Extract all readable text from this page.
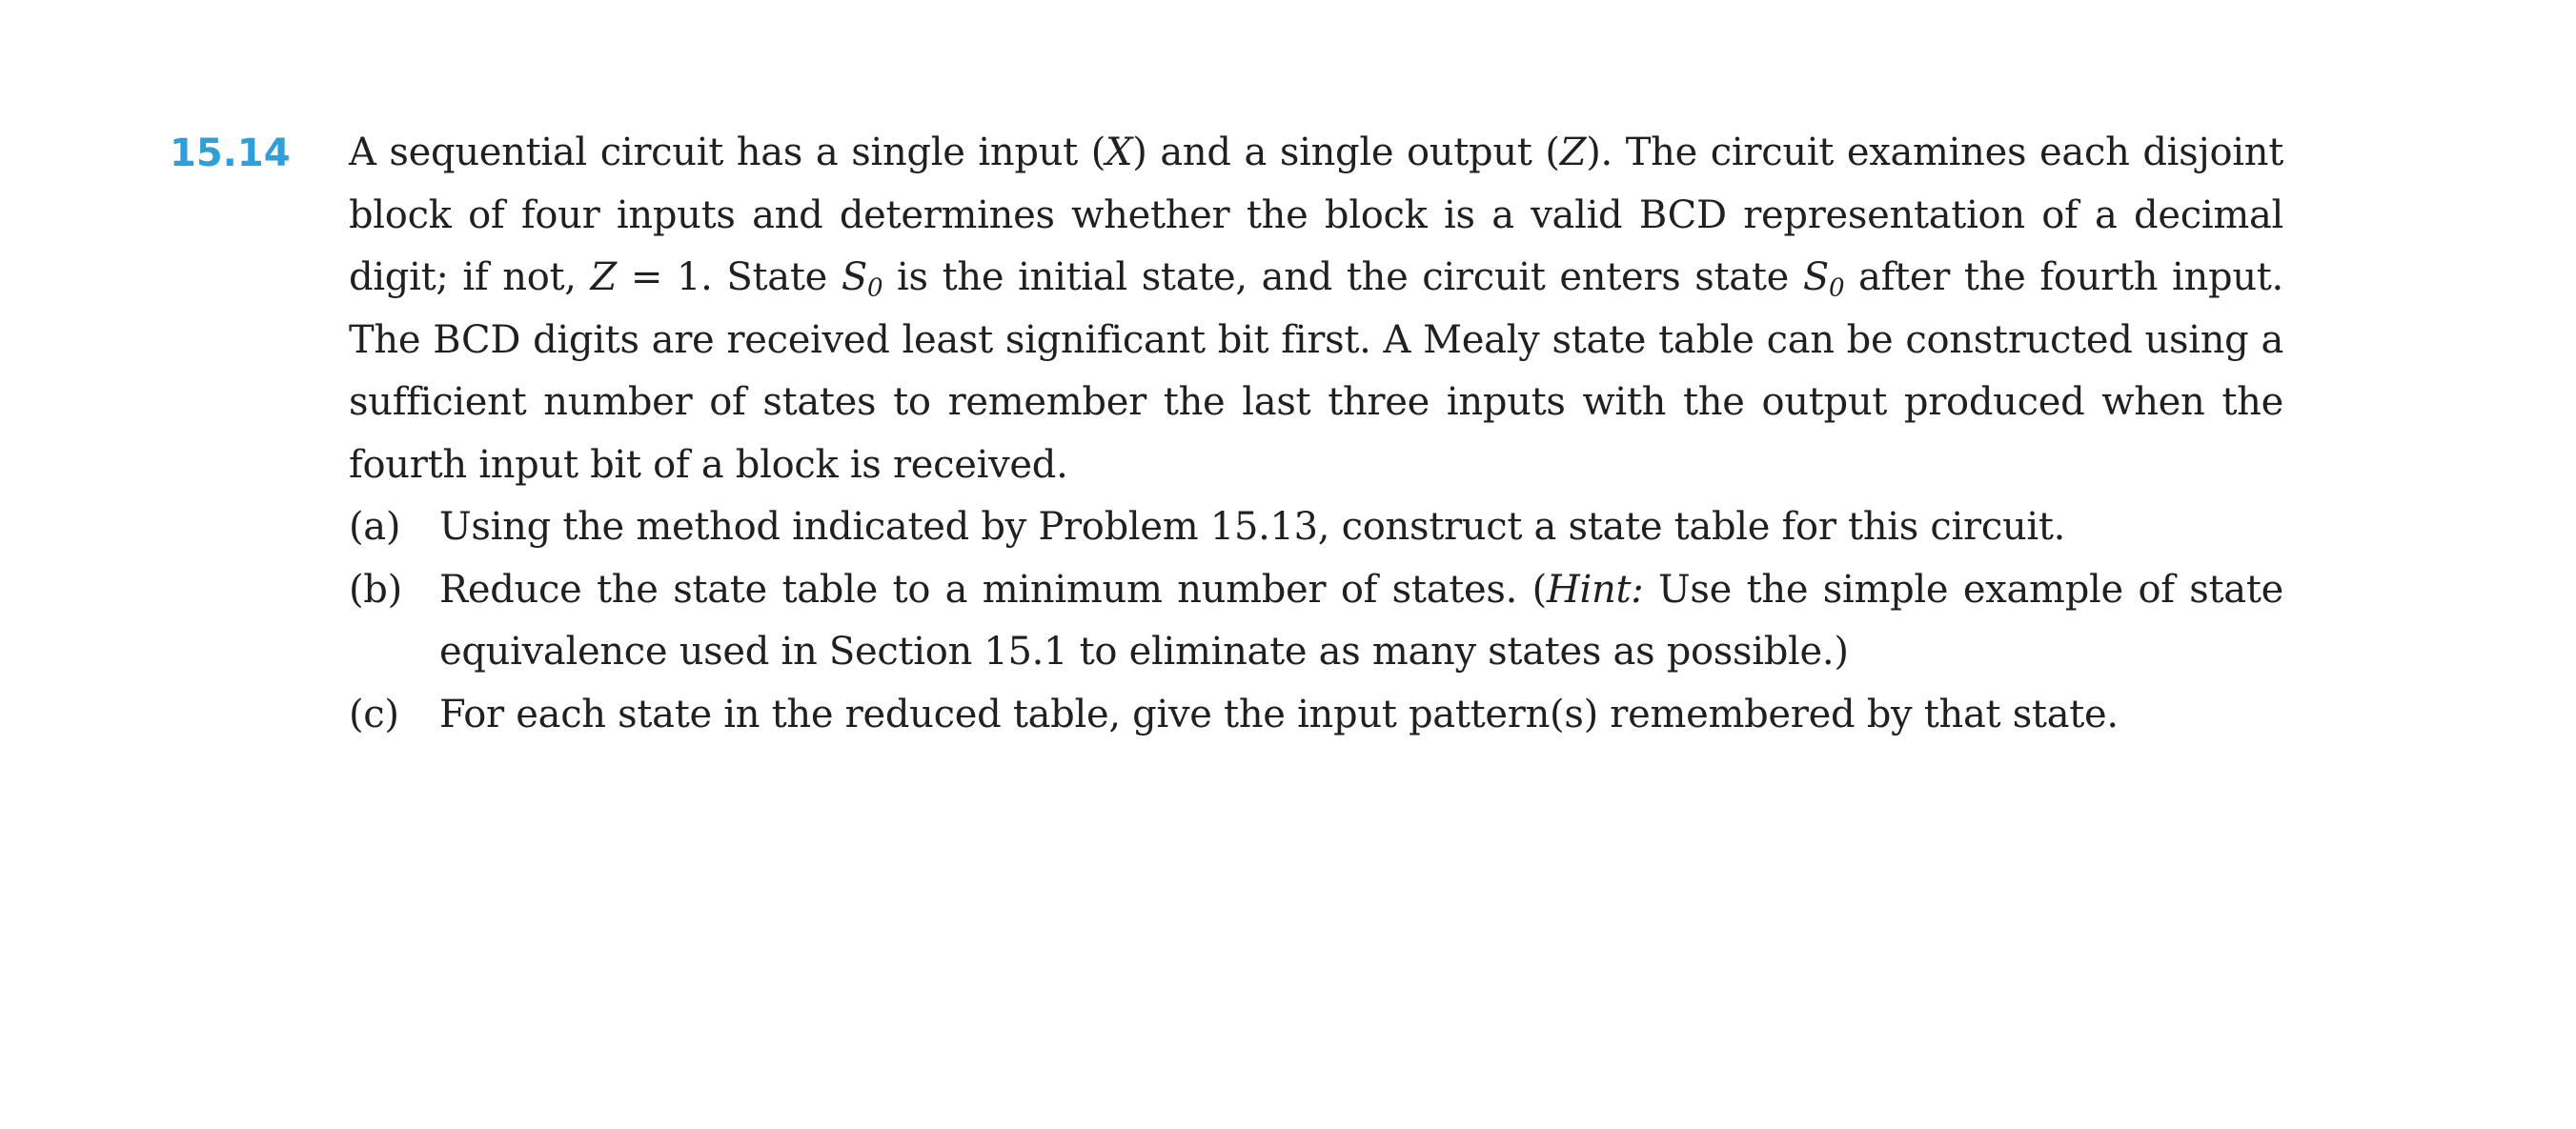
15.14 A sequential circuit has a single input (X) and a single output (Z). The circuit examines each disjoint block of four inputs and determines whether the block is a valid BCD representation of a decimal digit; if not, Z = 1. State $S_0$ is the initial state, and the circuit enters state $S_0$ after the fourth input. The BCD digits are received least significant bit first. A Mealy state table can be constructed using a sufficient number of states to remember the last three inputs with the output produced when the fourth input bit of a block is received.

(a)	Using the method indicated by Problem 15.13, construct a state table for this circuit.
(b) Reduce the state table to a minimum number of states. (Hint: Use the simple example of state equivalence used in Section 15.1 to eliminate as many states as possible.)
(c)	For each state in the reduced table, give the input pattern(s) remembered by that state.
